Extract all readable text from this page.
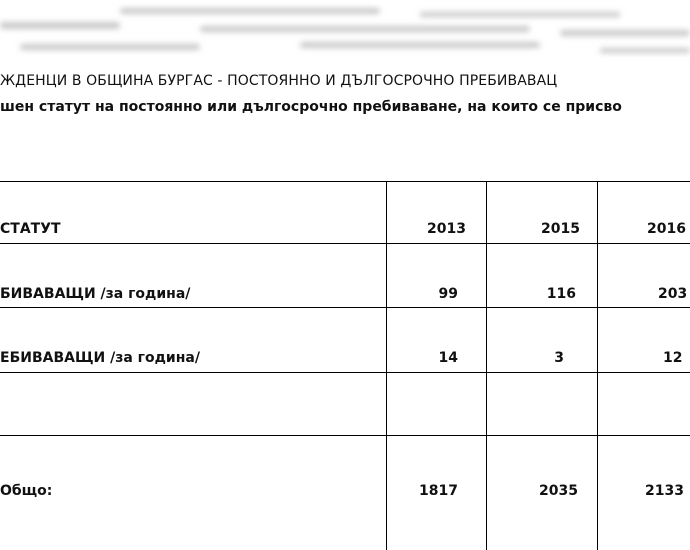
ЖДЕНЦИ В ОБЩИНА БУРГАС - ПОСТОЯННО И ДЪЛГОСРОЧНО ПРЕБИВАВАЦ
шен статут на постоянно или дългосрочно пребиваване, на които се присво
СТАТУТ	2013	2015	2016
БИВАВАЩИ /за година/	99	116	203
ЕБИВАВАЩИ /за година/	14	3	12
Общо:	1817	2035	2133
